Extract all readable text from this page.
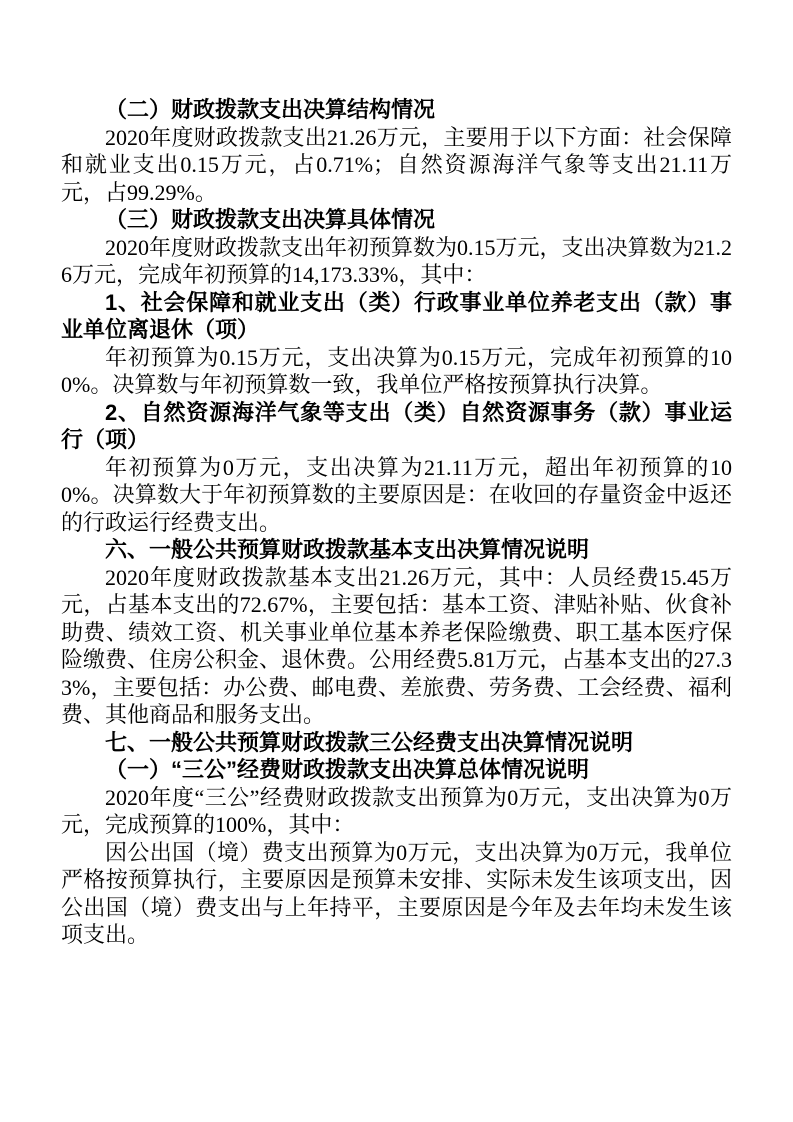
（二）财政拨款支出决算结构情况
2020年度财政拨款支出21.26万元，主要用于以下方面：社会保障和就业支出0.15万元，占0.71%；自然资源海洋气象等支出21.11万元，占99.29%。
（三）财政拨款支出决算具体情况
2020年度财政拨款支出年初预算数为0.15万元，支出决算数为21.26万元，完成年初预算的14,173.33%，其中：
1、社会保障和就业支出（类）行政事业单位养老支出（款）事业单位离退休（项）
年初预算为0.15万元，支出决算为0.15万元，完成年初预算的100%。决算数与年初预算数一致，我单位严格按预算执行决算。
2、自然资源海洋气象等支出（类）自然资源事务（款）事业运行（项）
年初预算为0万元，支出决算为21.11万元，超出年初预算的100%。决算数大于年初预算数的主要原因是：在收回的存量资金中返还的行政运行经费支出。
六、一般公共预算财政拨款基本支出决算情况说明
2020年度财政拨款基本支出21.26万元，其中：人员经费15.45万元，占基本支出的72.67%，主要包括：基本工资、津贴补贴、伙食补助费、绩效工资、机关事业单位基本养老保险缴费、职工基本医疗保险缴费、住房公积金、退休费。公用经费5.81万元，占基本支出的27.33%，主要包括：办公费、邮电费、差旅费、劳务费、工会经费、福利费、其他商品和服务支出。
七、一般公共预算财政拨款三公经费支出决算情况说明
（一）“三公”经费财政拨款支出决算总体情况说明
2020年度“三公”经费财政拨款支出预算为0万元，支出决算为0万元，完成预算的100%，其中：
因公出国（境）费支出预算为0万元，支出决算为0万元，我单位严格按预算执行，主要原因是预算未安排、实际未发生该项支出，因公出国（境）费支出与上年持平，主要原因是今年及去年均未发生该项支出。
